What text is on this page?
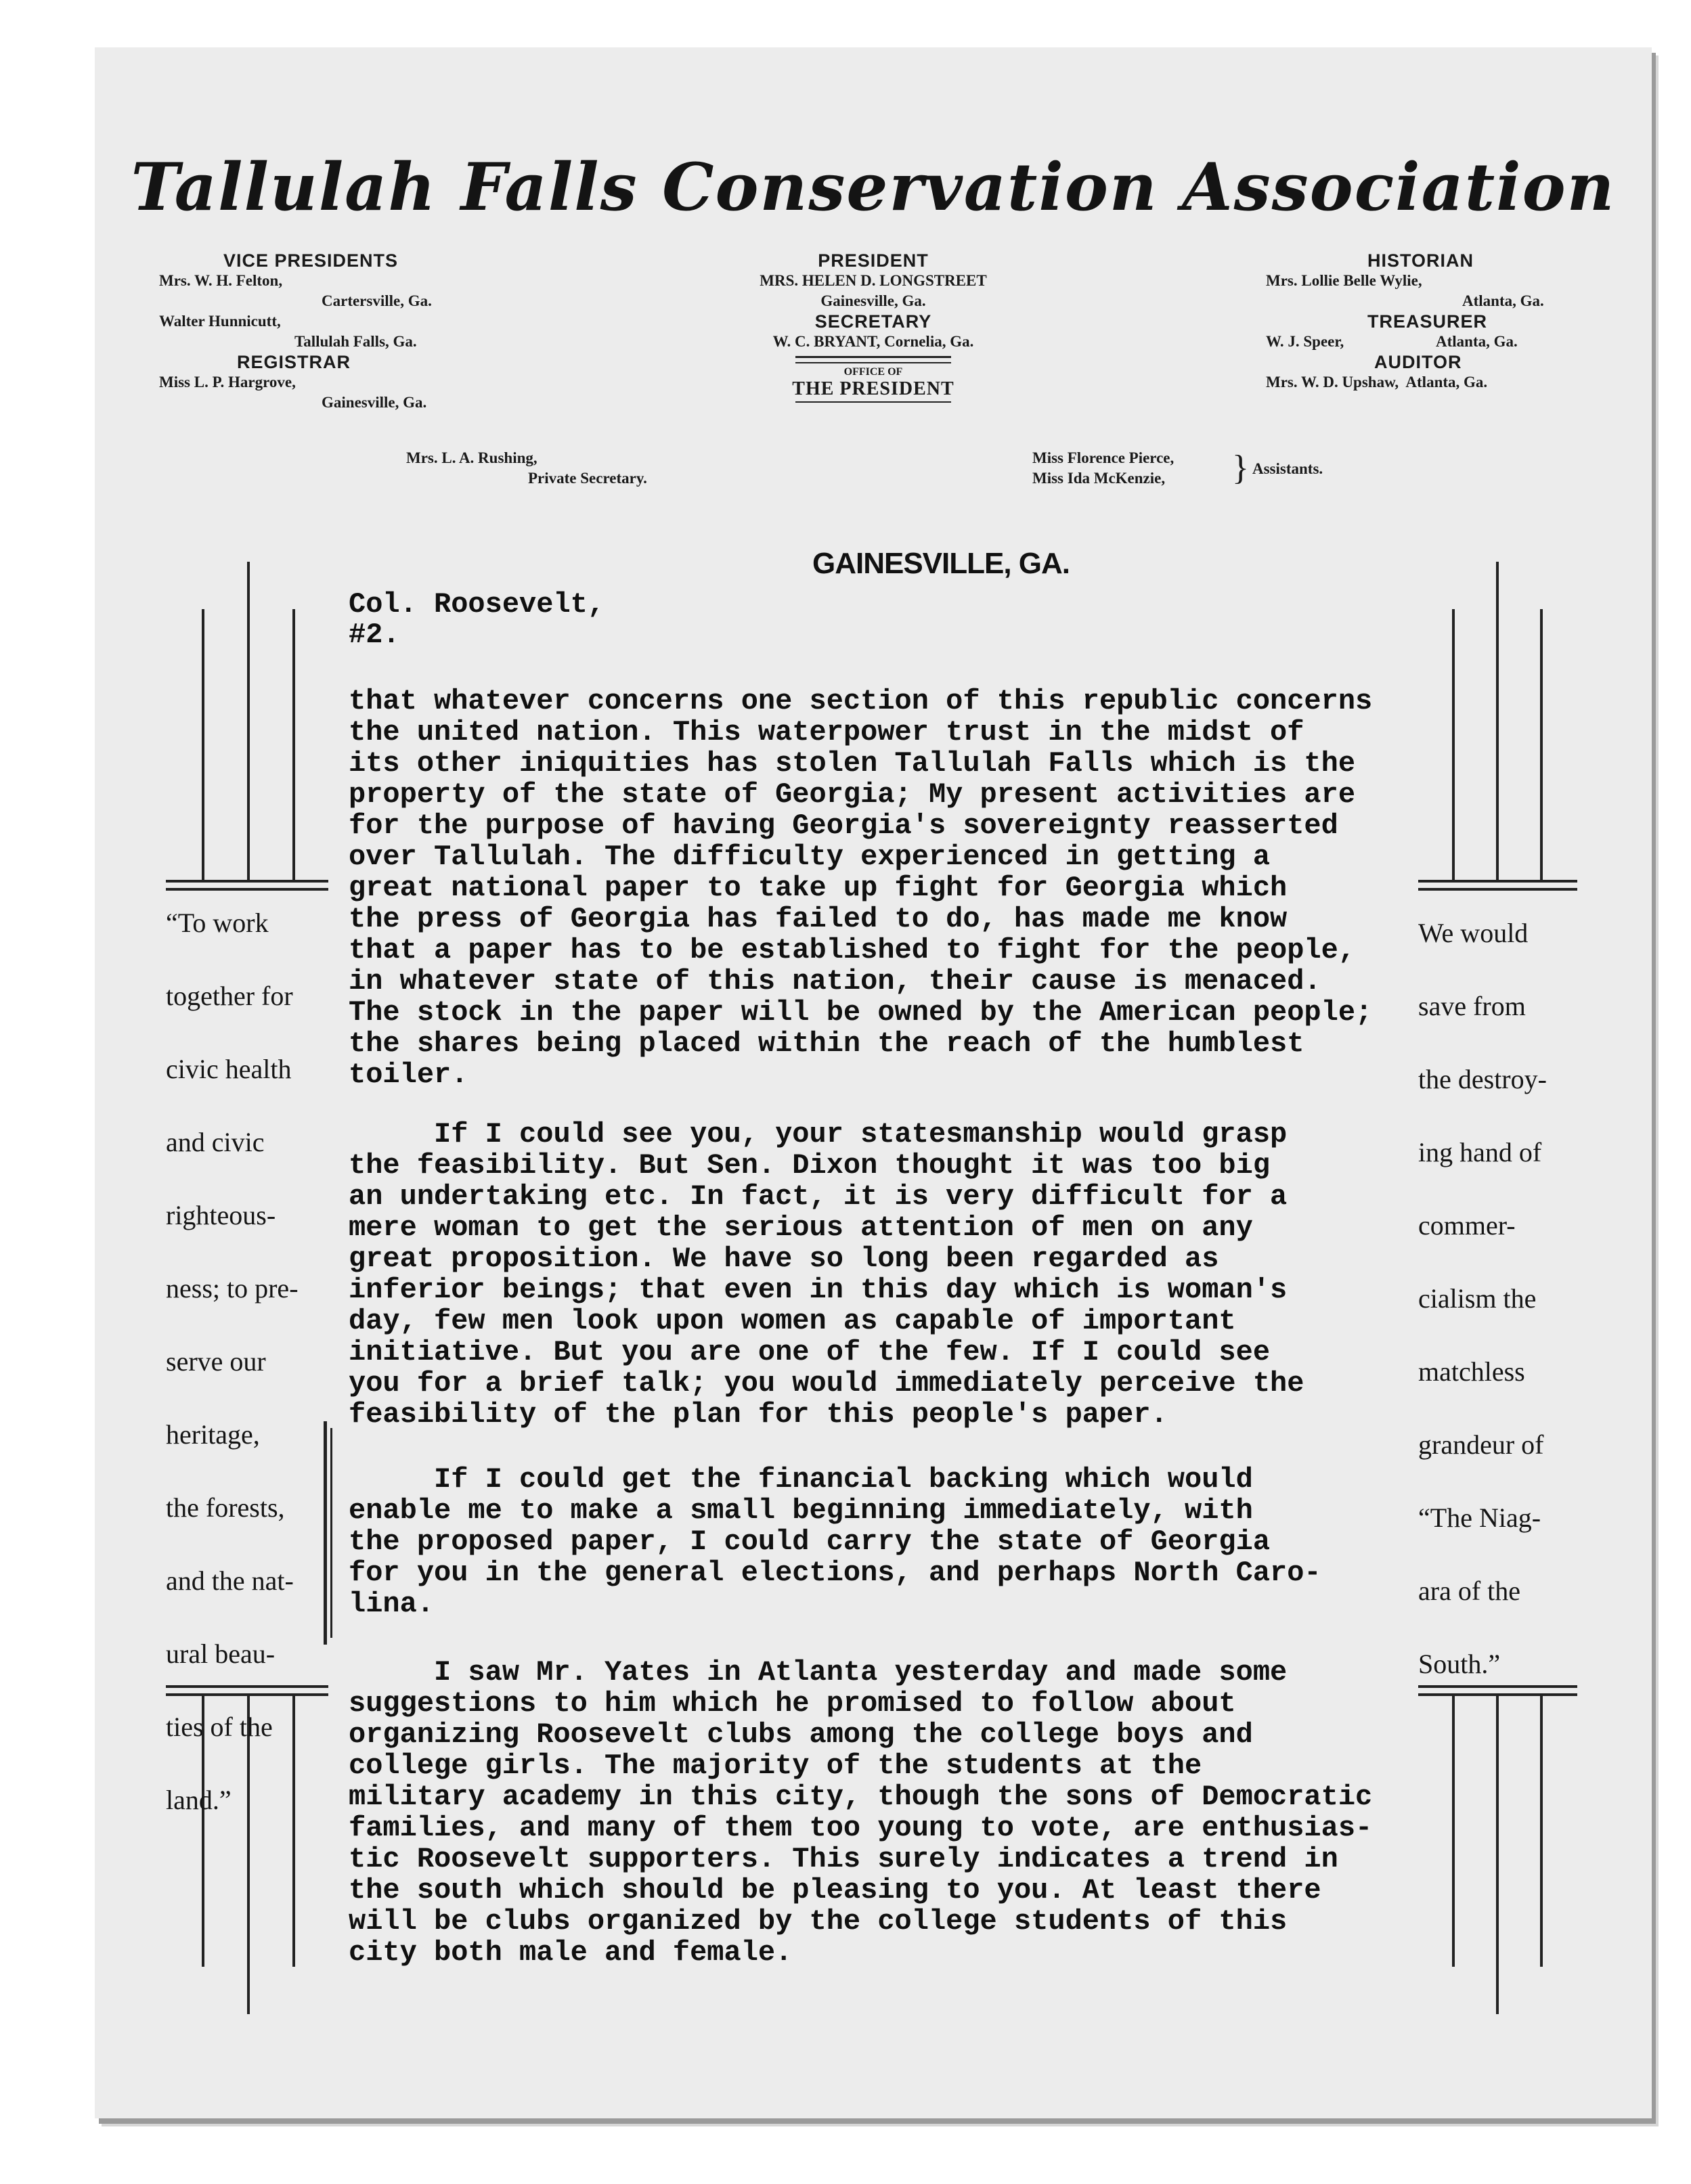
Tallulah Falls Conservation Association
VICE PRESIDENTS
Mrs. W. H. Felton,
Cartersville, Ga.
Walter Hunnicutt,
Tallulah Falls, Ga.
REGISTRAR
Miss L. P. Hargrove,
Gainesville, Ga.
PRESIDENT
MRS. HELEN D. LONGSTREET
Gainesville, Ga.
SECRETARY
W. C. BRYANT, Cornelia, Ga.
OFFICE OF
THE PRESIDENT
HISTORIAN
Mrs. Lollie Belle Wylie,
Atlanta, Ga.
TREASURER
W. J. Speer,	Atlanta, Ga.
AUDITOR
Mrs. W. D. Upshaw,  Atlanta, Ga.
Mrs. L. A. Rushing,
Private Secretary.
Miss Florence Pierce,
Miss Ida McKenzie,	} Assistants.
GAINESVILLE, GA.
“To work
together for
civic health
and civic
righteous-
ness; to pre-
serve our
heritage,
the forests,
and the nat-
ural beau-
ties of the
land.”
We would
save from
the destroy-
ing hand of
commer-
cialism the
matchless
grandeur of
“The Niag-
ara of the
South.”
Col. Roosevelt,
#2.
that whatever concerns one section of this republic concerns
the united nation. This waterpower trust in the midst of
its other iniquities has stolen Tallulah Falls which is the
property of the state of Georgia; My present activities are
for the purpose of having Georgia's sovereignty reasserted
over Tallulah. The difficulty experienced in getting a
great national paper to take up fight for Georgia which
the press of Georgia has failed to do, has made me know
that a paper has to be established to fight for the people,
in whatever state of this nation, their cause is menaced.
The stock in the paper will be owned by the American people;
the shares being placed within the reach of the humblest
toiler.
If I could see you, your statesmanship would grasp
the feasibility. But Sen. Dixon thought it was too big
an undertaking etc. In fact, it is very difficult for a
mere woman to get the serious attention of men on any
great proposition. We have so long been regarded as
inferior beings; that even in this day which is woman's
day, few men look upon women as capable of important
initiative. But you are one of the few. If I could see
you for a brief talk; you would immediately perceive the
feasibility of the plan for this people's paper.
If I could get the financial backing which would
enable me to make a small beginning immediately, with
the proposed paper, I could carry the state of Georgia
for you in the general elections, and perhaps North Caro-
lina.
I saw Mr. Yates in Atlanta yesterday and made some
suggestions to him which he promised to follow about
organizing Roosevelt clubs among the college boys and
college girls. The majority of the students at the
military academy in this city, though the sons of Democratic
families, and many of them too young to vote, are enthusias-
tic Roosevelt supporters. This surely indicates a trend in
the south which should be pleasing to you. At least there
will be clubs organized by the college students of this
city both male and female.
